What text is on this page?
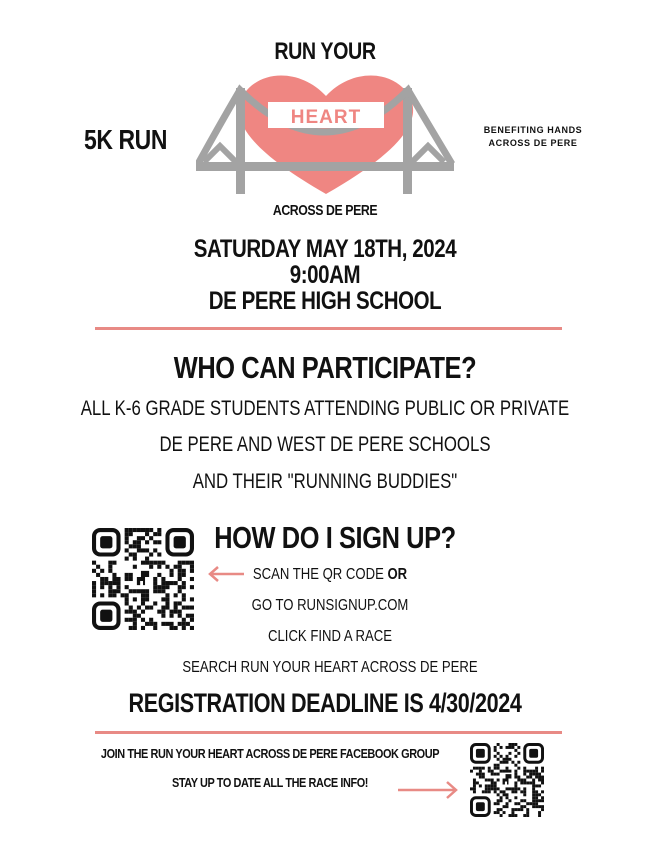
RUN YOUR
HEART
5K RUN	BENEFITING HANDS ACROSS DE PERE
ACROSS DE PERE
SATURDAY MAY 18TH, 2024
9:00AM
DE PERE HIGH SCHOOL
WHO CAN PARTICIPATE?
ALL K-6 GRADE STUDENTS ATTENDING PUBLIC OR PRIVATE
DE PERE AND WEST DE PERE SCHOOLS
AND THEIR "RUNNING BUDDIES"
HOW DO I SIGN UP?
SCAN THE QR CODE OR
GO TO RUNSIGNUP.COM
CLICK FIND A RACE
SEARCH RUN YOUR HEART ACROSS DE PERE
REGISTRATION DEADLINE IS 4/30/2024
JOIN THE RUN YOUR HEART ACROSS DE PERE FACEBOOK GROUP
STAY UP TO DATE ALL THE RACE INFO!
